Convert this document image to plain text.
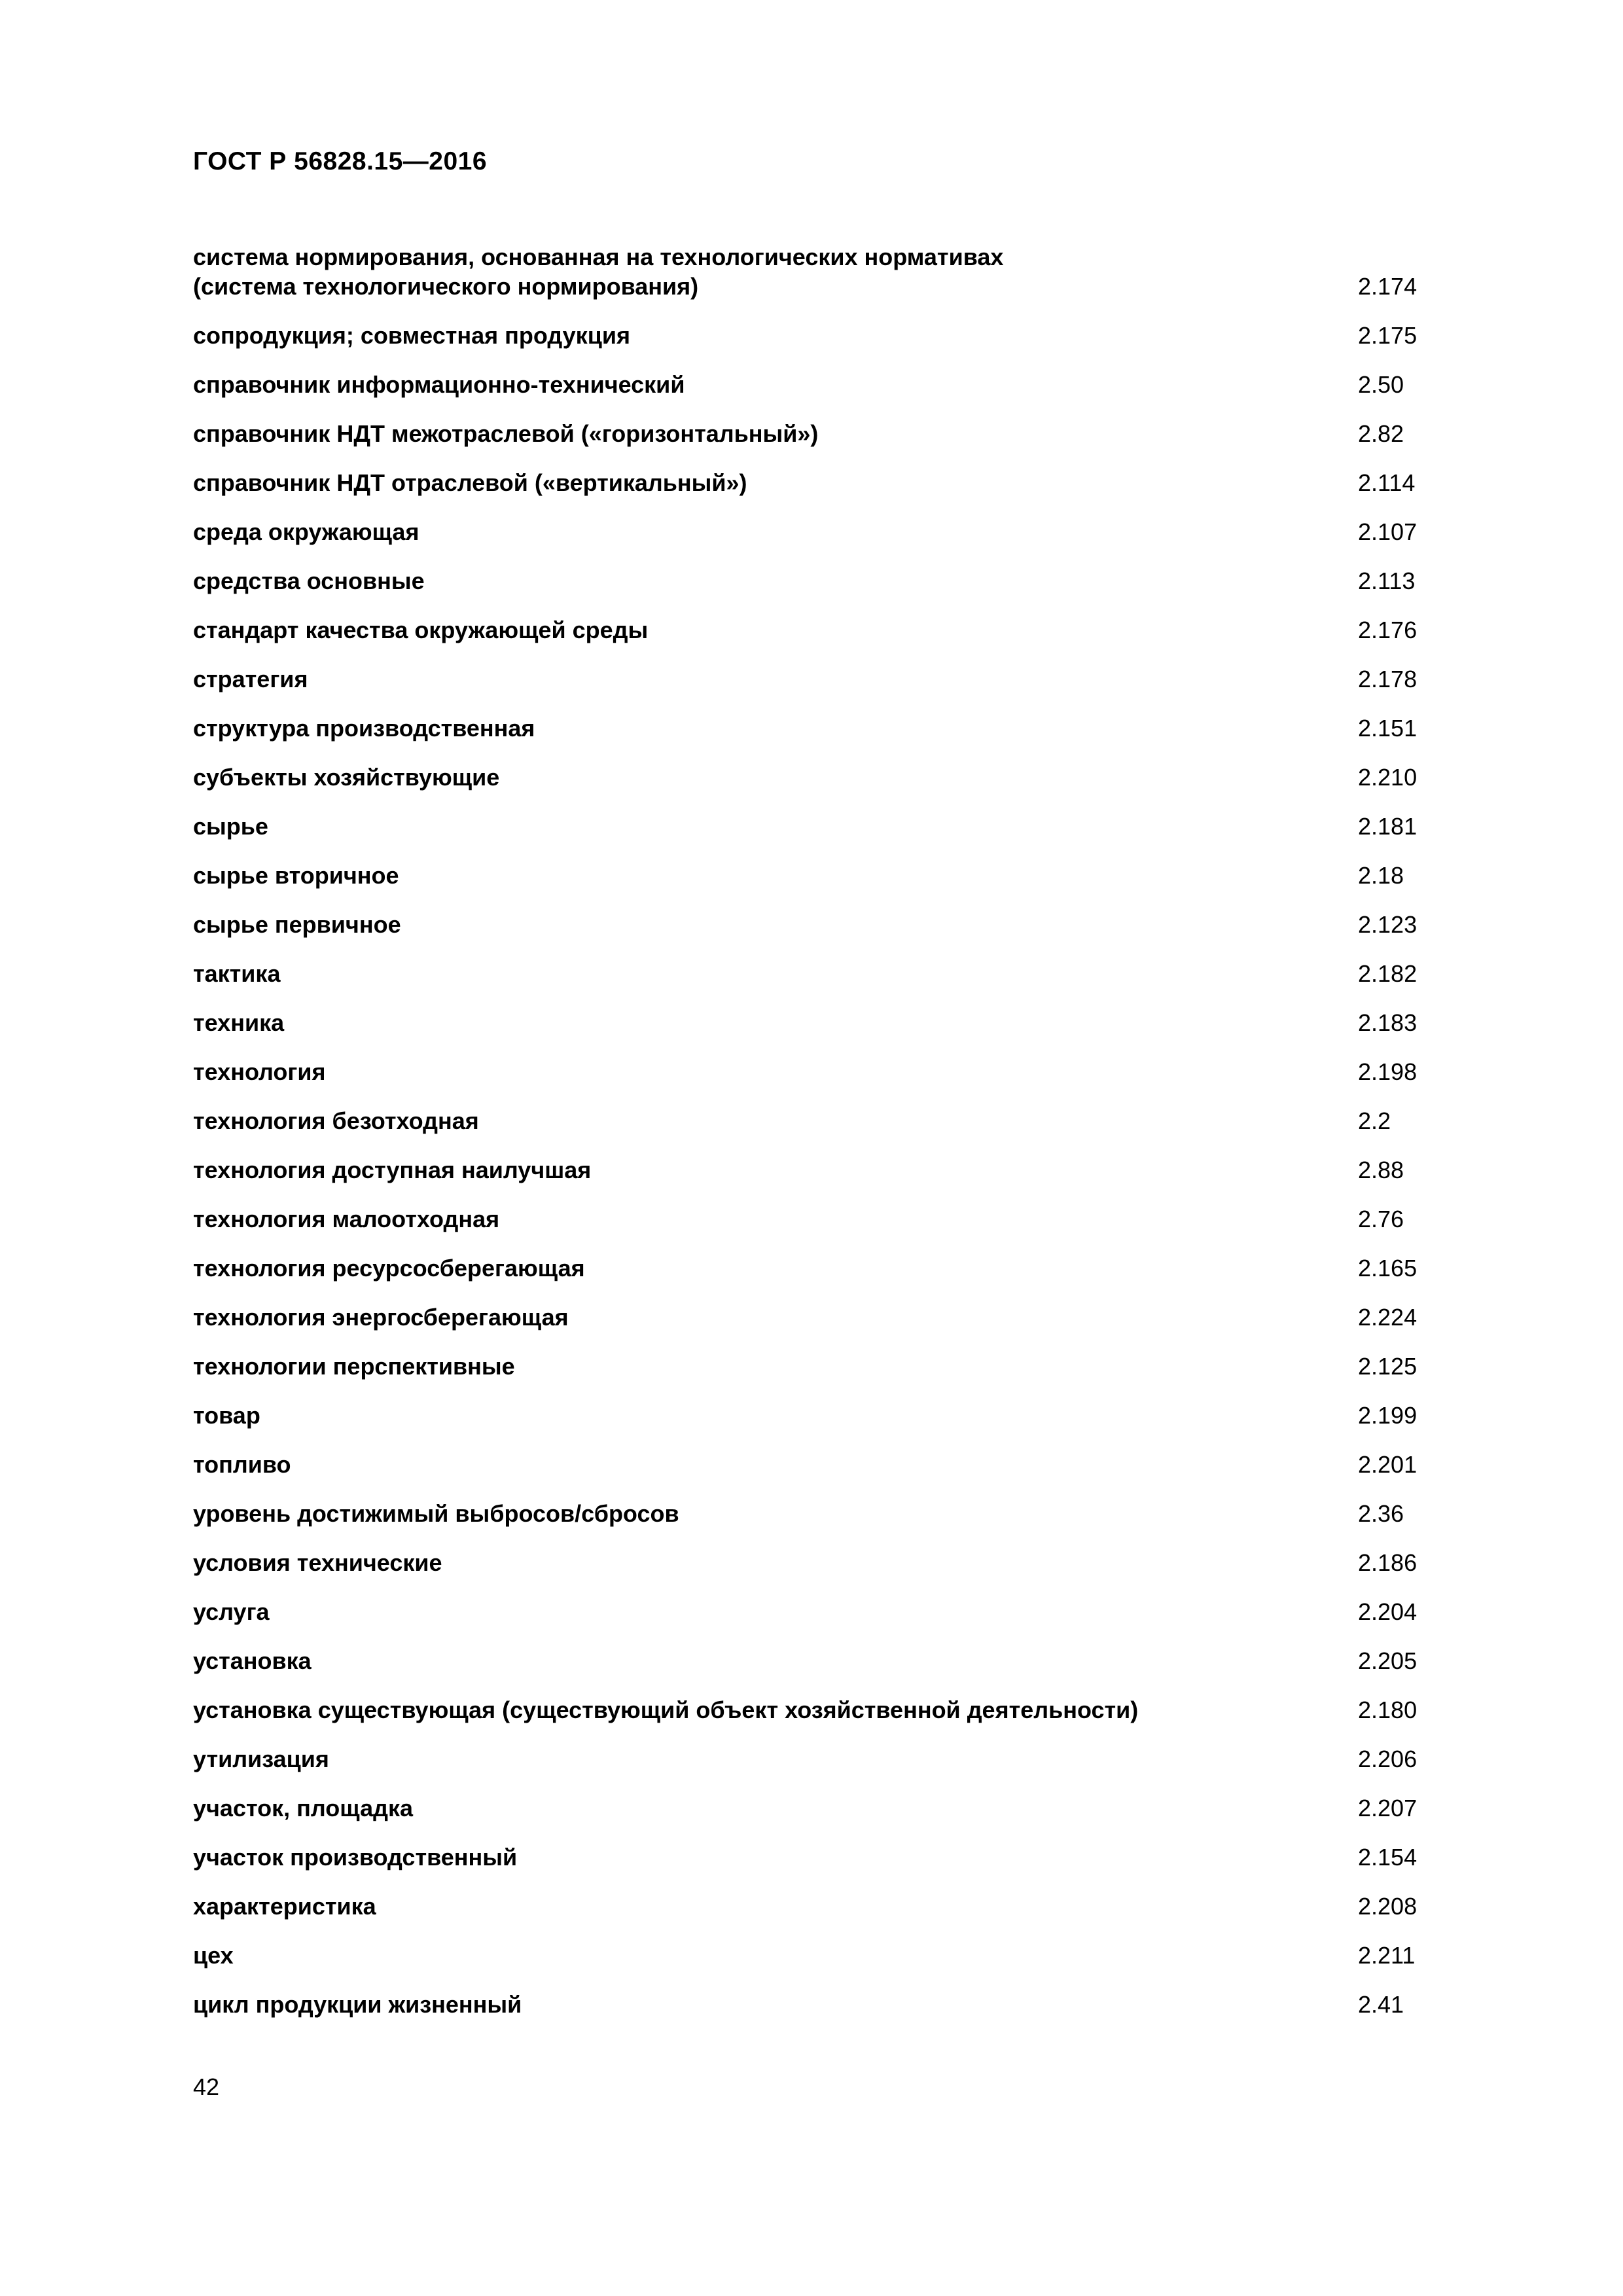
ГОСТ Р 56828.15—2016
система нормирования, основанная на технологических нормативах
(система технологического нормирования)	2.174
сопродукция; совместная продукция	2.175
справочник информационно-технический	2.50
справочник НДТ межотраслевой («горизонтальный»)	2.82
справочник НДТ отраслевой («вертикальный»)	2.114
среда окружающая	2.107
средства основные	2.113
стандарт качества окружающей среды	2.176
стратегия	2.178
структура производственная	2.151
субъекты хозяйствующие	2.210
сырье	2.181
сырье вторичное	2.18
сырье первичное	2.123
тактика	2.182
техника	2.183
технология	2.198
технология безотходная	2.2
технология доступная наилучшая	2.88
технология малоотходная	2.76
технология ресурсосберегающая	2.165
технология энергосберегающая	2.224
технологии перспективные	2.125
товар	2.199
топливо	2.201
уровень достижимый выбросов/сбросов	2.36
условия технические	2.186
услуга	2.204
установка	2.205
установка существующая (существующий объект хозяйственной деятельности)	2.180
утилизация	2.206
участок, площадка	2.207
участок производственный	2.154
характеристика	2.208
цех	2.211
цикл продукции жизненный	2.41
42
